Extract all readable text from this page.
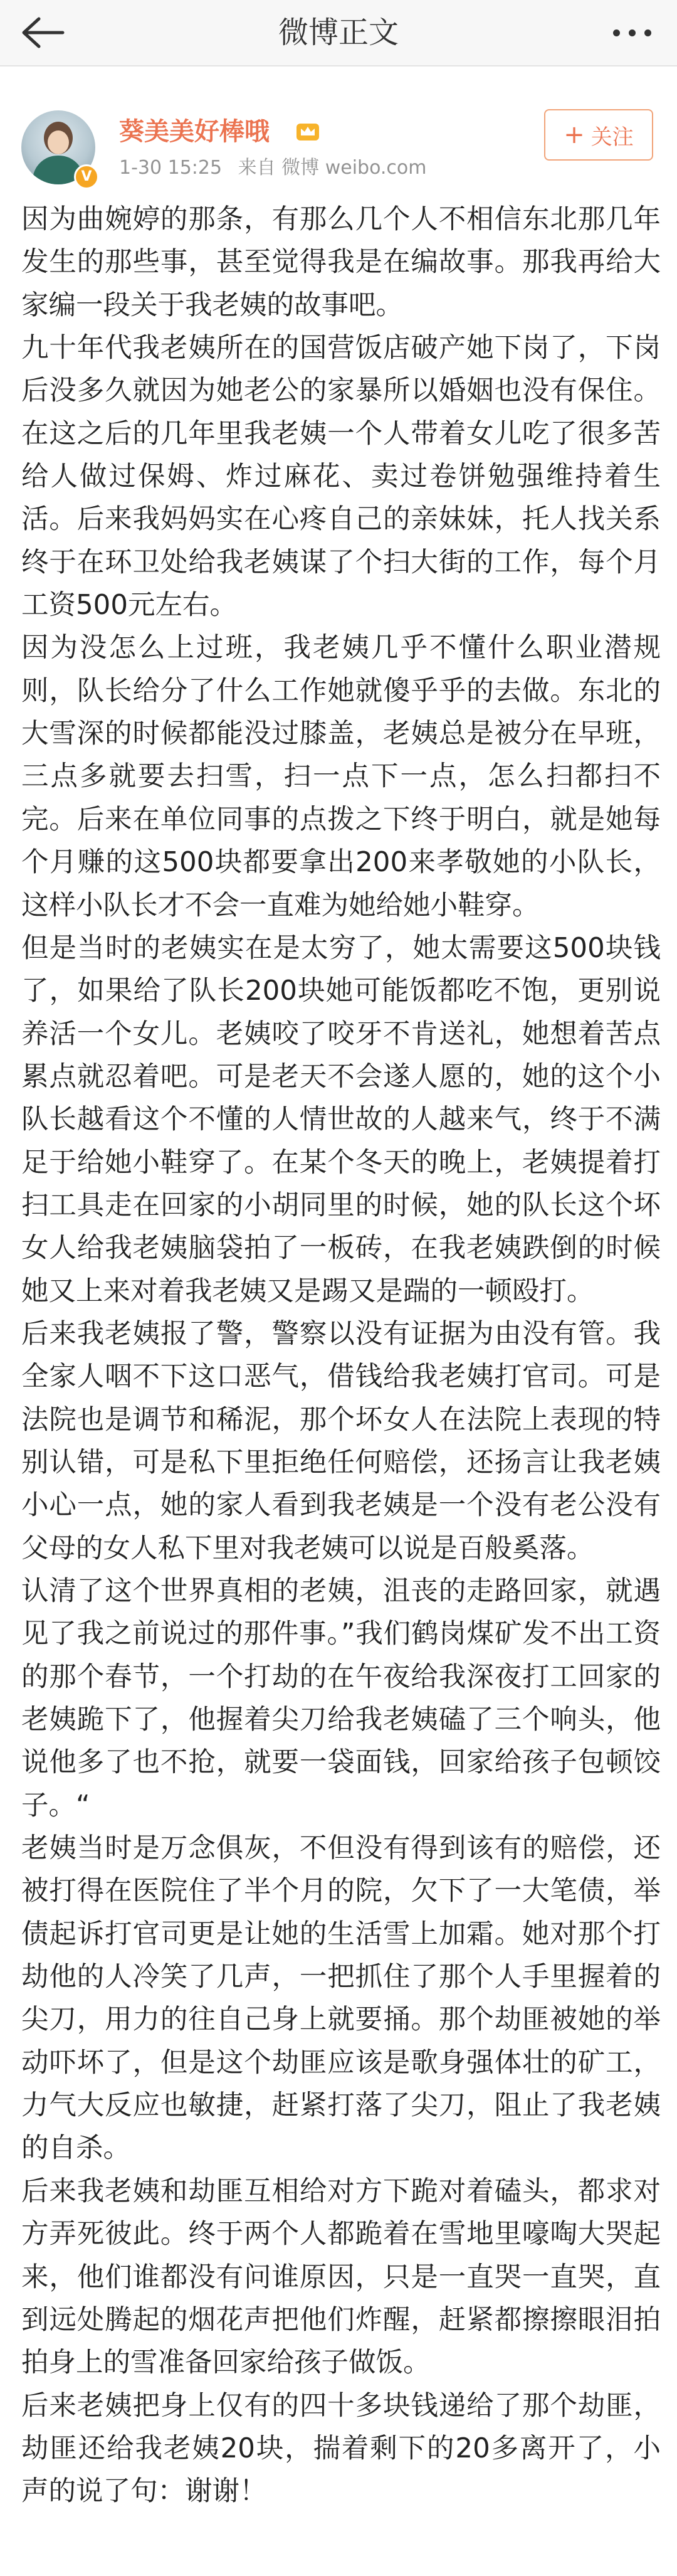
微博正文
V
葵美美好棒哦
1-30 15:25 来自 微博 weibo.com
+ 关注

因为曲婉婷的那条，有那么几个人不相信东北那几年发生的那些事，甚至觉得我是在编故事。那我再给大家编一段关于我老姨的故事吧。

九十年代我老姨所在的国营饭店破产她下岗了，下岗后没多久就因为她老公的家暴所以婚姻也没有保住。在这之后的几年里我老姨一个人带着女儿吃了很多苦给人做过保姆、炸过麻花、卖过卷饼勉强维持着生活。后来我妈妈实在心疼自己的亲妹妹，托人找关系终于在环卫处给我老姨谋了个扫大街的工作，每个月工资500元左右。

因为没怎么上过班，我老姨几乎不懂什么职业潜规则，队长给分了什么工作她就傻乎乎的去做。东北的大雪深的时候都能没过膝盖，老姨总是被分在早班，三点多就要去扫雪，扫一点下一点，怎么扫都扫不完。后来在单位同事的点拨之下终于明白，就是她每个月赚的这500块都要拿出200来孝敬她的小队长，这样小队长才不会一直难为她给她小鞋穿。

但是当时的老姨实在是太穷了，她太需要这500块钱了，如果给了队长200块她可能饭都吃不饱，更别说养活一个女儿。老姨咬了咬牙不肯送礼，她想着苦点累点就忍着吧。可是老天不会遂人愿的，她的这个小队长越看这个不懂的人情世故的人越来气，终于不满足于给她小鞋穿了。在某个冬天的晚上，老姨提着打扫工具走在回家的小胡同里的时候，她的队长这个坏女人给我老姨脑袋拍了一板砖，在我老姨跌倒的时候她又上来对着我老姨又是踢又是踹的一顿殴打。

后来我老姨报了警，警察以没有证据为由没有管。我全家人咽不下这口恶气，借钱给我老姨打官司。可是法院也是调节和稀泥，那个坏女人在法院上表现的特别认错，可是私下里拒绝任何赔偿，还扬言让我老姨小心一点，她的家人看到我老姨是一个没有老公没有父母的女人私下里对我老姨可以说是百般奚落。

认清了这个世界真相的老姨，沮丧的走路回家，就遇见了我之前说过的那件事。”我们鹤岗煤矿发不出工资的那个春节，一个打劫的在午夜给我深夜打工回家的老姨跪下了，他握着尖刀给我老姨磕了三个响头，他说他多了也不抢，就要一袋面钱，回家给孩子包顿饺子。“

老姨当时是万念俱灰，不但没有得到该有的赔偿，还被打得在医院住了半个月的院，欠下了一大笔债，举债起诉打官司更是让她的生活雪上加霜。她对那个打劫他的人冷笑了几声，一把抓住了那个人手里握着的尖刀，用力的往自己身上就要捅。那个劫匪被她的举动吓坏了，但是这个劫匪应该是歌身强体壮的矿工，力气大反应也敏捷，赶紧打落了尖刀，阻止了我老姨的自杀。

后来我老姨和劫匪互相给对方下跪对着磕头，都求对方弄死彼此。终于两个人都跪着在雪地里嚎啕大哭起来，他们谁都没有问谁原因，只是一直哭一直哭，直到远处腾起的烟花声把他们炸醒，赶紧都擦擦眼泪拍拍身上的雪准备回家给孩子做饭。

后来老姨把身上仅有的四十多块钱递给了那个劫匪，劫匪还给我老姨20块，揣着剩下的20多离开了，小声的说了句：谢谢！
